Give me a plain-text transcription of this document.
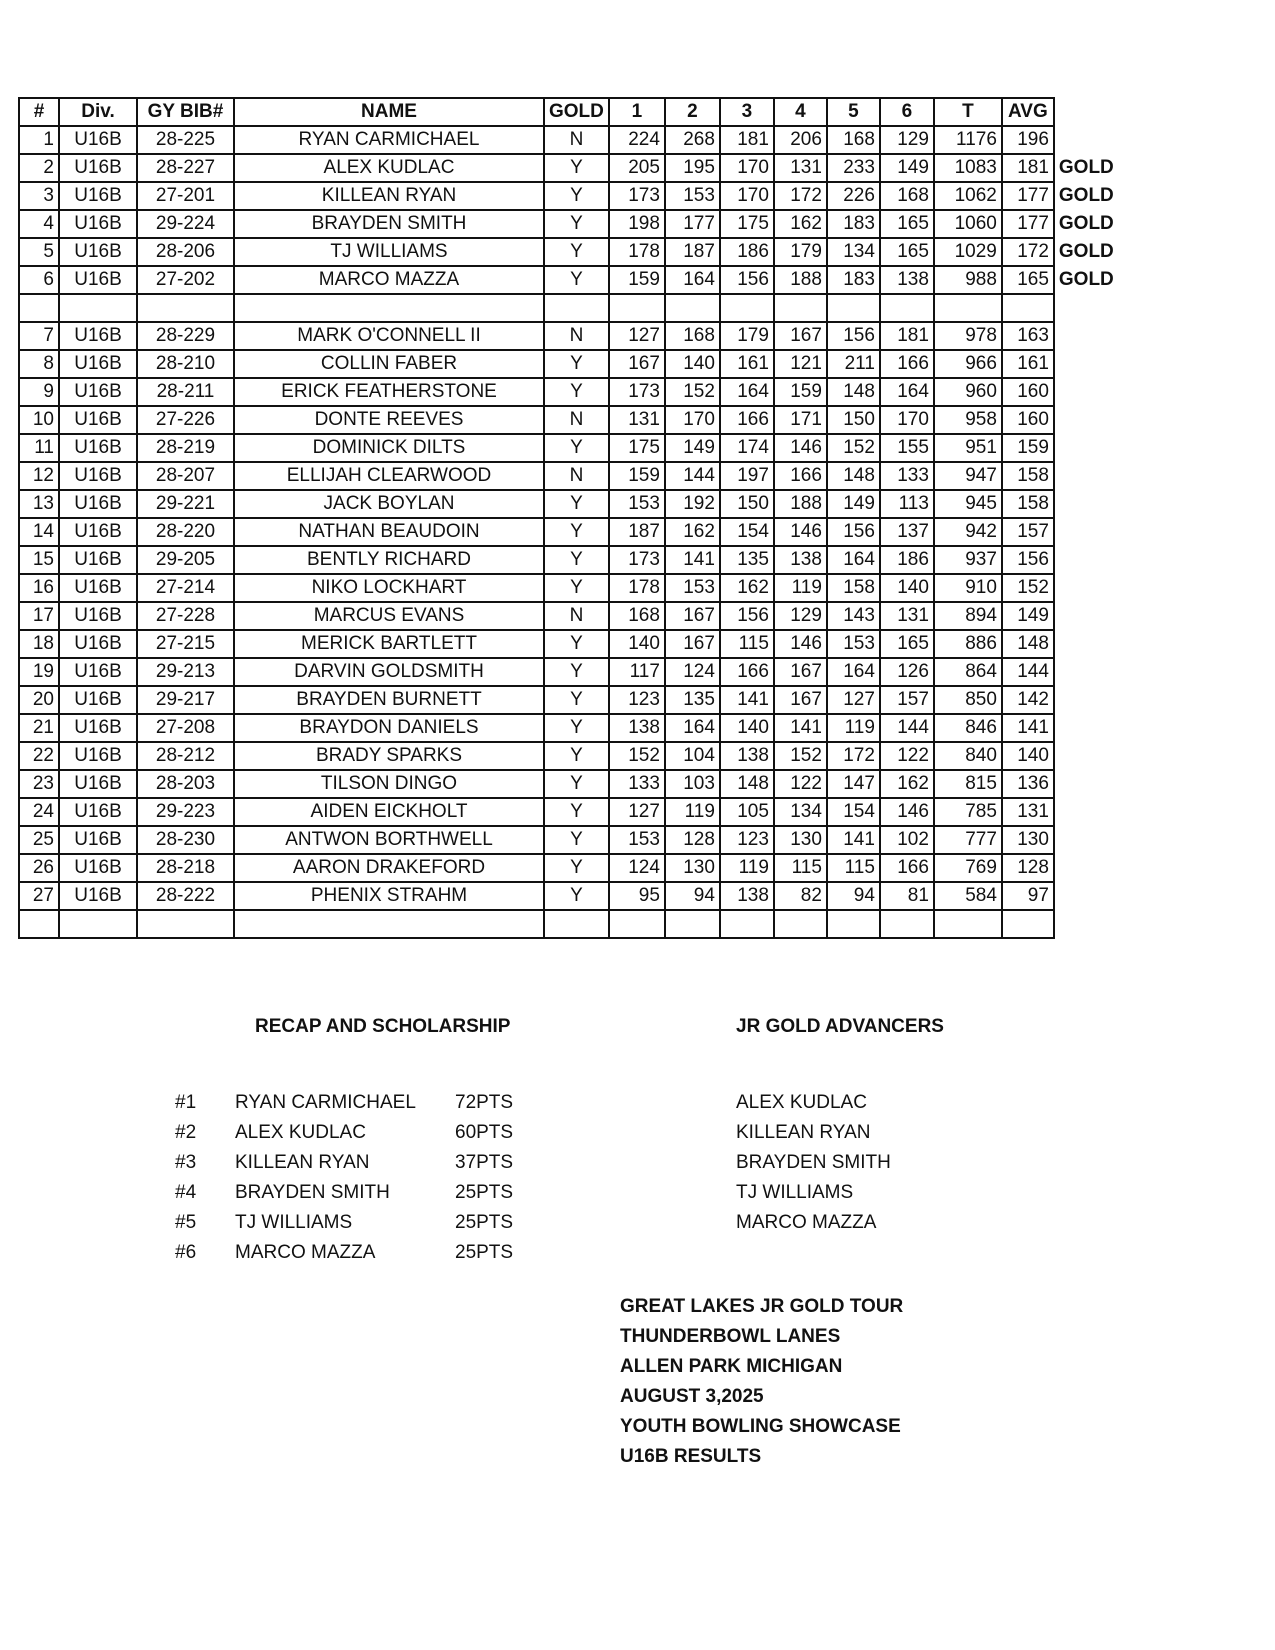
#	Div.	GY BIB#	NAME	GOLD	1	2	3	4	5	6	T	AVG	
1	U16B	28-225	RYAN CARMICHAEL	N	224	268	181	206	168	129	1176	196	
2	U16B	28-227	ALEX KUDLAC	Y	205	195	170	131	233	149	1083	181	GOLD
3	U16B	27-201	KILLEAN RYAN	Y	173	153	170	172	226	168	1062	177	GOLD
4	U16B	29-224	BRAYDEN SMITH	Y	198	177	175	162	183	165	1060	177	GOLD
5	U16B	28-206	TJ WILLIAMS	Y	178	187	186	179	134	165	1029	172	GOLD
6	U16B	27-202	MARCO MAZZA	Y	159	164	156	188	183	138	988	165	GOLD

7	U16B	28-229	MARK O'CONNELL II	N	127	168	179	167	156	181	978	163	
8	U16B	28-210	COLLIN FABER	Y	167	140	161	121	211	166	966	161	
9	U16B	28-211	ERICK FEATHERSTONE	Y	173	152	164	159	148	164	960	160	
10	U16B	27-226	DONTE REEVES	N	131	170	166	171	150	170	958	160	
11	U16B	28-219	DOMINICK DILTS	Y	175	149	174	146	152	155	951	159	
12	U16B	28-207	ELLIJAH CLEARWOOD	N	159	144	197	166	148	133	947	158	
13	U16B	29-221	JACK BOYLAN	Y	153	192	150	188	149	113	945	158	
14	U16B	28-220	NATHAN BEAUDOIN	Y	187	162	154	146	156	137	942	157	
15	U16B	29-205	BENTLY RICHARD	Y	173	141	135	138	164	186	937	156	
16	U16B	27-214	NIKO LOCKHART	Y	178	153	162	119	158	140	910	152	
17	U16B	27-228	MARCUS EVANS	N	168	167	156	129	143	131	894	149	
18	U16B	27-215	MERICK BARTLETT	Y	140	167	115	146	153	165	886	148	
19	U16B	29-213	DARVIN GOLDSMITH	Y	117	124	166	167	164	126	864	144	
20	U16B	29-217	BRAYDEN BURNETT	Y	123	135	141	167	127	157	850	142	
21	U16B	27-208	BRAYDON DANIELS	Y	138	164	140	141	119	144	846	141	
22	U16B	28-212	BRADY SPARKS	Y	152	104	138	152	172	122	840	140	
23	U16B	28-203	TILSON DINGO	Y	133	103	148	122	147	162	815	136	
24	U16B	29-223	AIDEN EICKHOLT	Y	127	119	105	134	154	146	785	131	
25	U16B	28-230	ANTWON BORTHWELL	Y	153	128	123	130	141	102	777	130	
26	U16B	28-218	AARON DRAKEFORD	Y	124	130	119	115	115	166	769	128	
27	U16B	28-222	PHENIX STRAHM	Y	95	94	138	82	94	81	584	97	

RECAP AND SCHOLARSHIP
#1 RYAN CARMICHAEL 72PTS
#2 ALEX KUDLAC	60PTS
#3 KILLEAN RYAN	37PTS
#4 BRAYDEN SMITH	25PTS
#5 TJ WILLIAMS	25PTS
#6 MARCO MAZZA	25PTS
JR GOLD ADVANCERS
ALEX KUDLAC
KILLEAN RYAN
BRAYDEN SMITH
TJ WILLIAMS
MARCO MAZZA
GREAT LAKES JR GOLD TOUR
THUNDERBOWL LANES
ALLEN PARK MICHIGAN
AUGUST 3,2025
YOUTH BOWLING SHOWCASE
U16B RESULTS
